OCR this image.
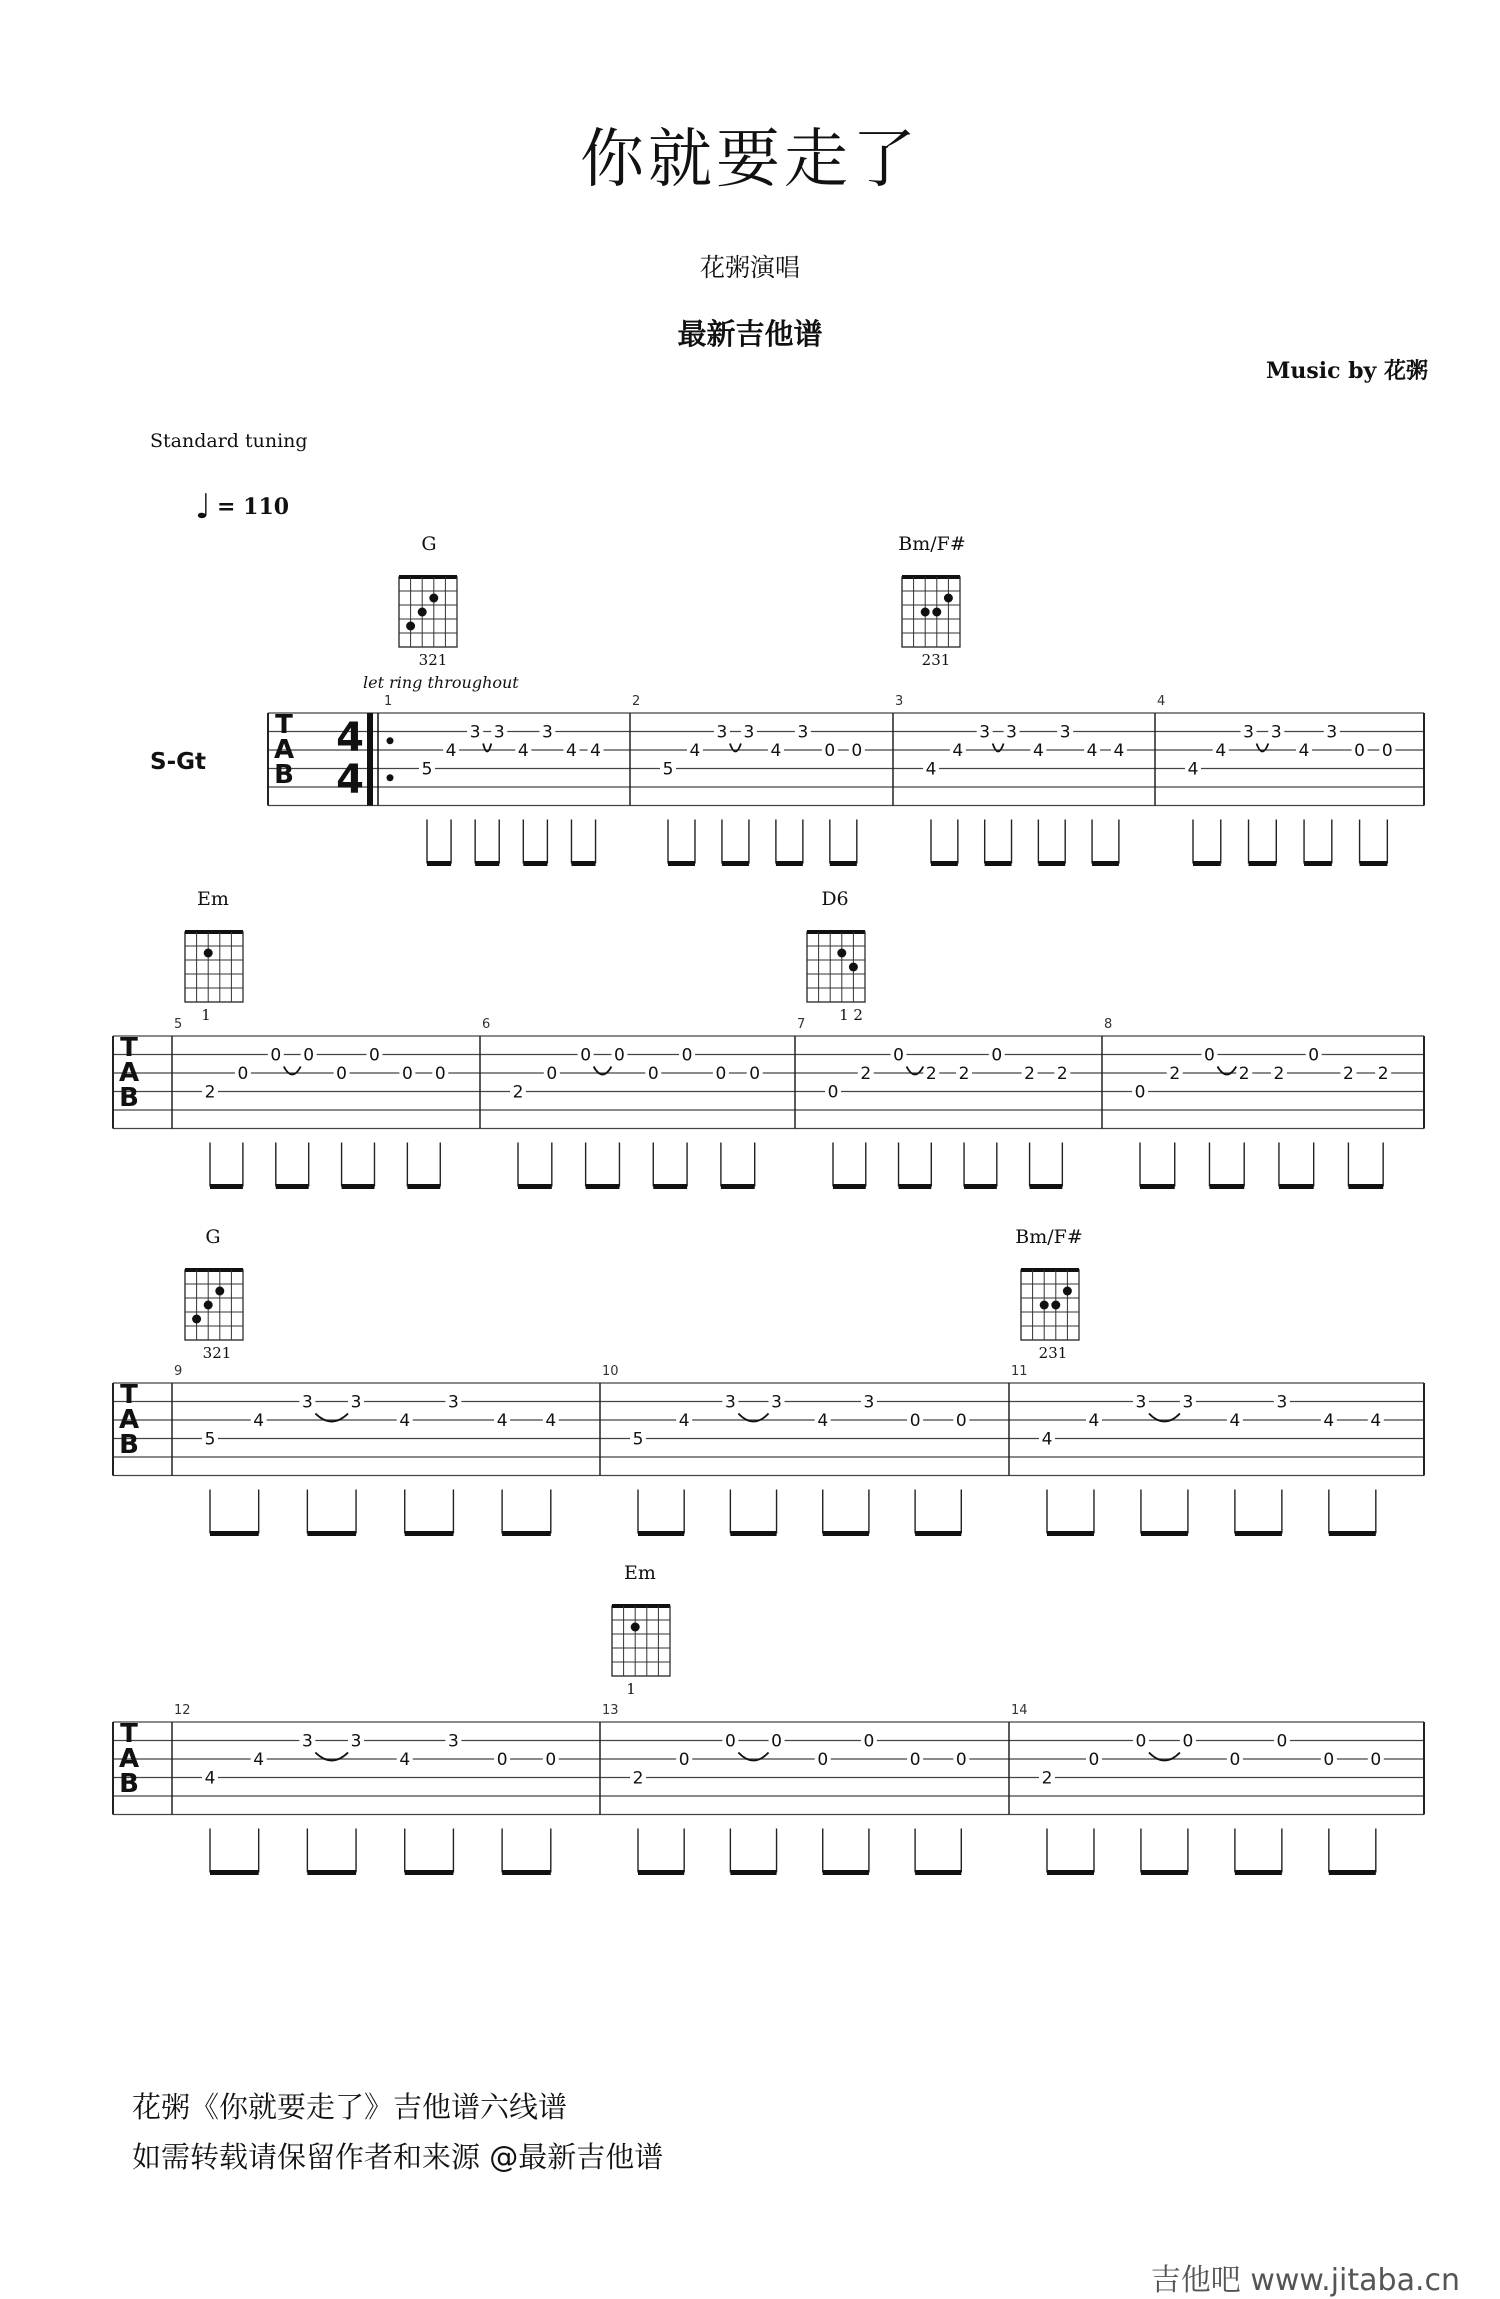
你就要走了
花粥演唱
最新吉他谱
Music by 花粥
Standard tuning
♩ = 110
let ring throughout
S-Gt
G	Bm/F#
Em	D6
G	Bm/F#
Em
321	231
1	1 2
321	231
1
T
A
B
4
4
T
A
B
T
A
B
T
A
B
1
5
4
3 3
4
3
4 4
2
5
4
3 3
4
3
0 0
3
4
4
3 3
4
3
4 4
4
4
4
3 3
4
3
0 0
5
2
0
0 0
0
0
0 0
6
2
0
0 0
0
0
0 0
7
0
2
0
2 2
0
2 2
8
0
2
0
2 2
0
2 2
9
5
4
3 3
4
3
4 4
10
5
4
3 3
4
3
0 0
11
4
4
3 3
4
3
4 4
12
4
4
3 3
4
3
0 0
13
2
0
0 0
0
0
0 0
14
2
0
0 0
0
0
0 0
花粥《你就要走了》吉他谱六线谱
如需转载请保留作者和来源 @最新吉他谱
吉他吧 www.jitaba.cn
